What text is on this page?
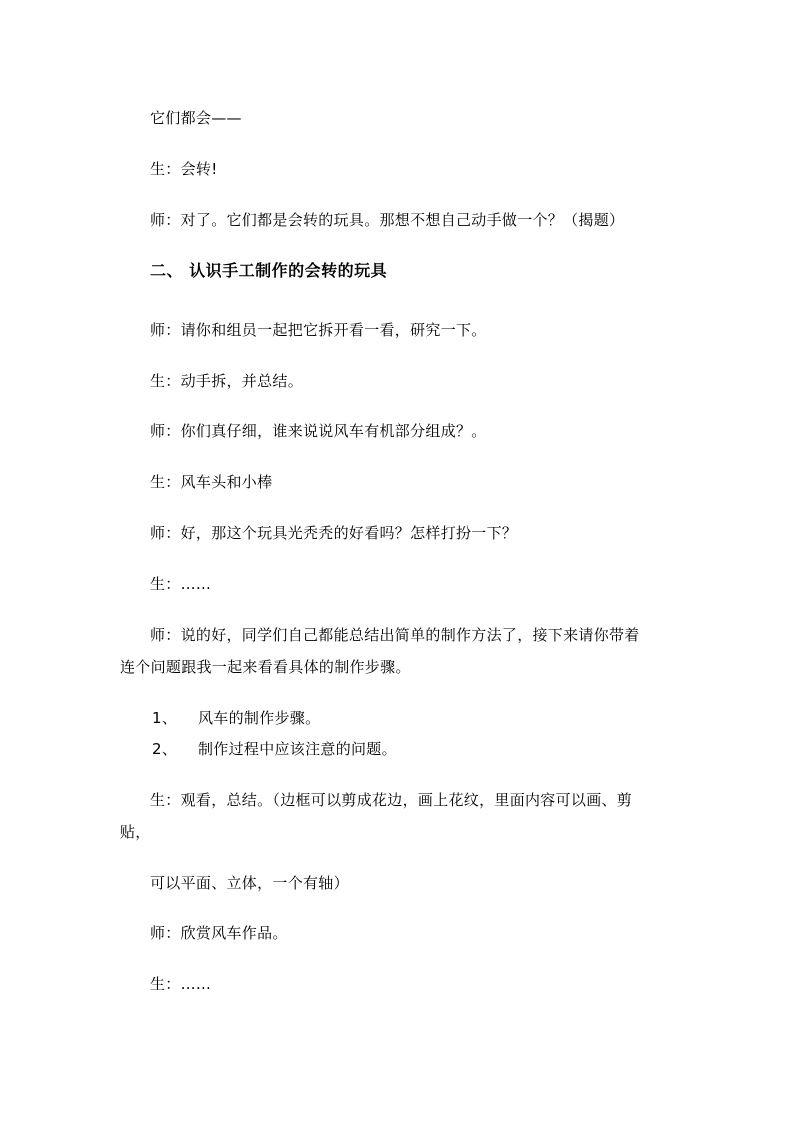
它们都会——
生：会转!
师：对了。它们都是会转的玩具。那想不想自己动手做一个？（揭题）
二、 认识手工制作的会转的玩具
师：请你和组员一起把它拆开看一看，研究一下。
生：动手拆，并总结。
师：你们真仔细，谁来说说风车有机部分组成？。
生：风车头和小棒
师：好，那这个玩具光秃秃的好看吗？怎样打扮一下？
生：……
师：说的好，同学们自己都能总结出简单的制作方法了，接下来请你带着
连个问题跟我一起来看看具体的制作步骤。
1、 风车的制作步骤。
2、 制作过程中应该注意的问题。
生：观看，总结。（边框可以剪成花边，画上花纹，里面内容可以画、剪
贴，
可以平面、立体，一个有轴）
师：欣赏风车作品。
生：……
